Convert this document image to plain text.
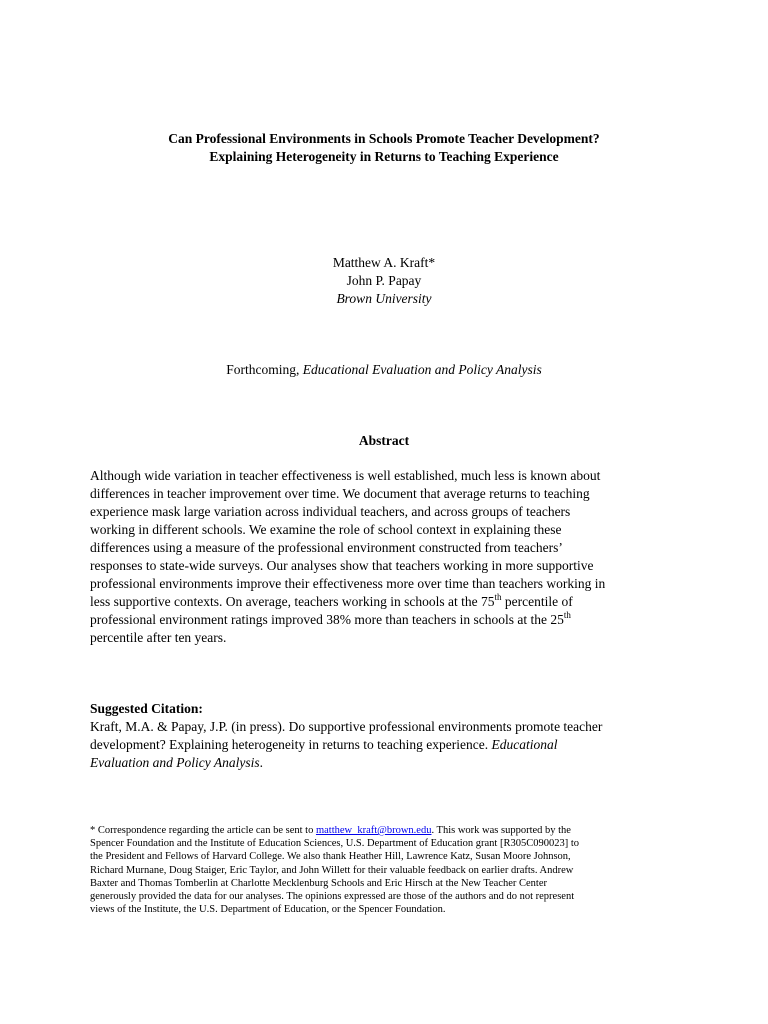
Can Professional Environments in Schools Promote Teacher Development?
Explaining Heterogeneity in Returns to Teaching Experience
Matthew A. Kraft*
John P. Papay
Brown University
Forthcoming, Educational Evaluation and Policy Analysis
Abstract
Although wide variation in teacher effectiveness is well established, much less is known about
differences in teacher improvement over time. We document that average returns to teaching
experience mask large variation across individual teachers, and across groups of teachers
working in different schools. We examine the role of school context in explaining these
differences using a measure of the professional environment constructed from teachers’
responses to state-wide surveys. Our analyses show that teachers working in more supportive
professional environments improve their effectiveness more over time than teachers working in
less supportive contexts. On average, teachers working in schools at the 75th percentile of
professional environment ratings improved 38% more than teachers in schools at the 25th
percentile after ten years.
Suggested Citation:
Kraft, M.A. & Papay, J.P. (in press). Do supportive professional environments promote teacher
development? Explaining heterogeneity in returns to teaching experience. Educational
Evaluation and Policy Analysis.
* Correspondence regarding the article can be sent to matthew_kraft@brown.edu. This work was supported by the
Spencer Foundation and the Institute of Education Sciences, U.S. Department of Education grant [R305C090023] to
the President and Fellows of Harvard College. We also thank Heather Hill, Lawrence Katz, Susan Moore Johnson,
Richard Murnane, Doug Staiger, Eric Taylor, and John Willett for their valuable feedback on earlier drafts. Andrew
Baxter and Thomas Tomberlin at Charlotte Mecklenburg Schools and Eric Hirsch at the New Teacher Center
generously provided the data for our analyses. The opinions expressed are those of the authors and do not represent
views of the Institute, the U.S. Department of Education, or the Spencer Foundation.
